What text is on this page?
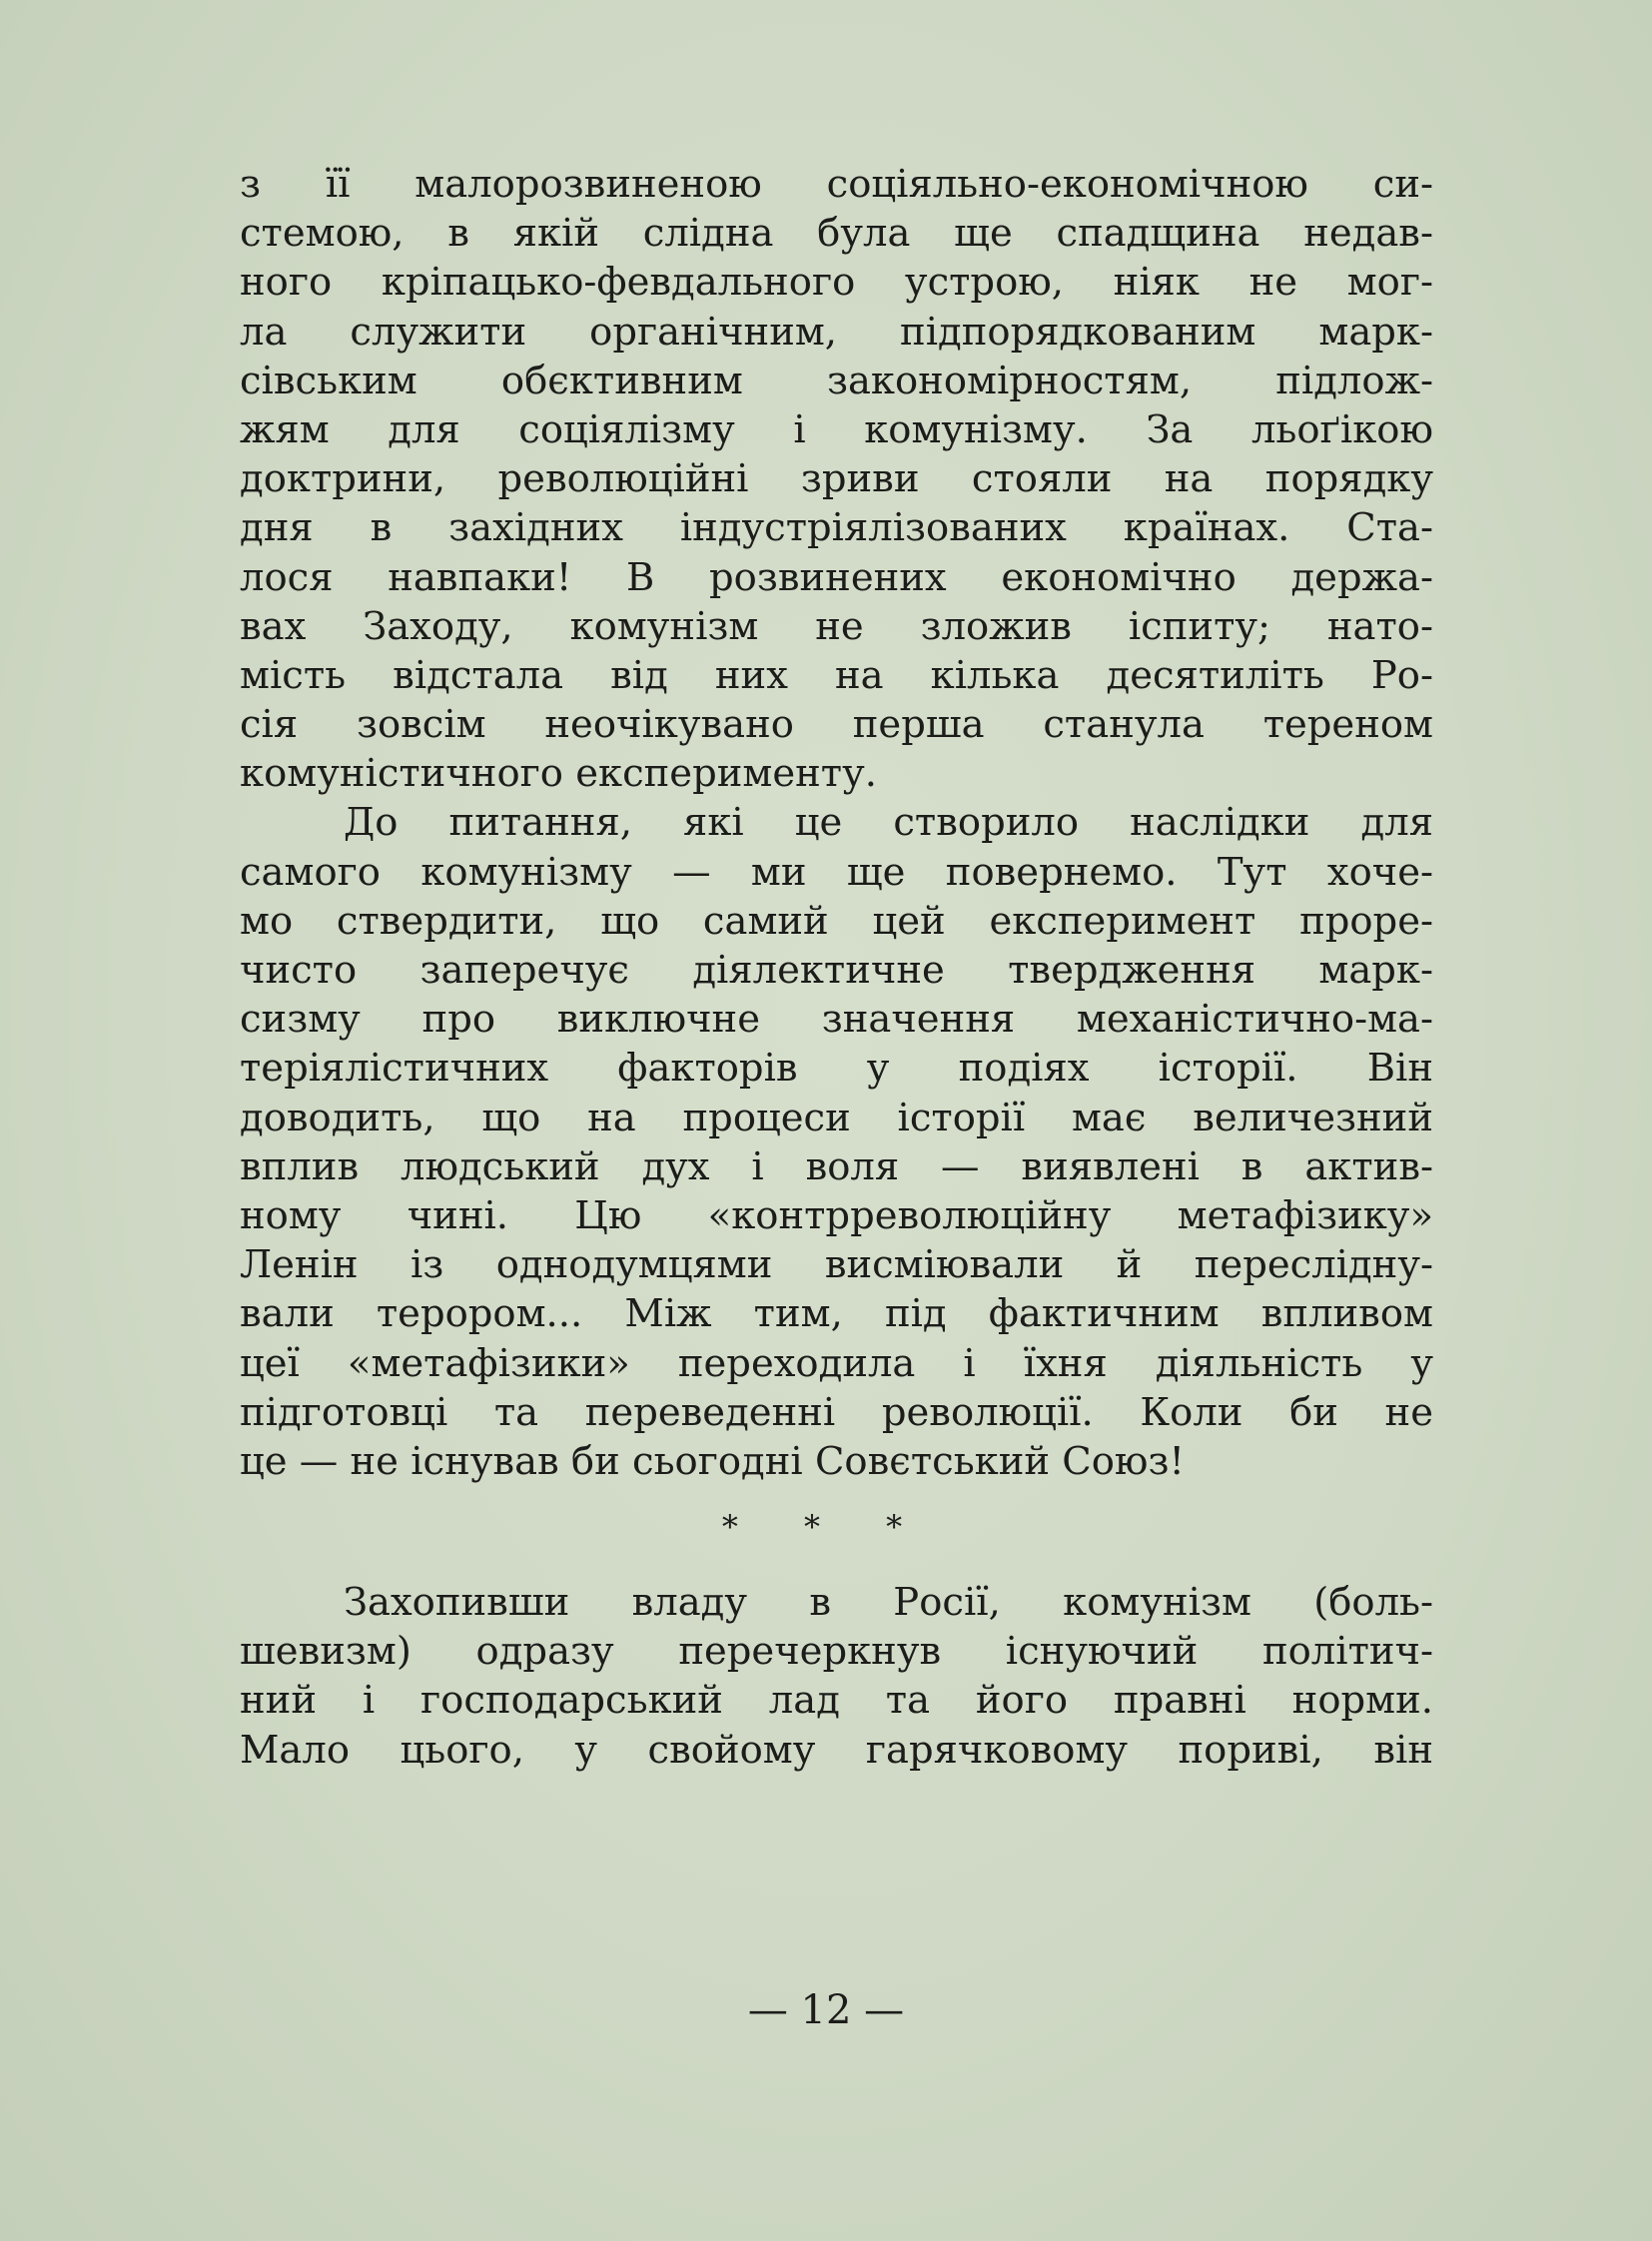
з її малорозвиненою соціяльно-економічною си-
стемою, в якій слідна була ще спадщина недав-
ного кріпацько-февдального устрою, ніяк не мог-
ла служити органічним, підпорядкованим марк-
сівським обєктивним закономірностям, підлож-
жям для соціялізму і комунізму. За льоґікою
доктрини, революційні зриви стояли на порядку
дня в західних індустріялізованих країнах. Ста-
лося навпаки! В розвинених економічно держа-
вах Заходу, комунізм не зложив іспиту; нато-
мість відстала від них на кілька десятиліть Ро-
сія зовсім неочікувано перша станула тереном
комуністичного експерименту.
До питання, які це створило наслідки для
самого комунізму — ми ще повернемо. Тут хоче-
мо ствердити, що самий цей експеримент проре-
чисто заперечує діялектичне твердження марк-
сизму про виключне значення механістично-ма-
теріялістичних факторів у подіях історії. Він
доводить, що на процеси історії має величезний
вплив людський дух і воля — виявлені в актив-
ному чині. Цю «контрреволюційну метафізику»
Ленін із однодумцями висміювали й переслідну-
вали терором... Між тим, під фактичним впливом
цеї «метафізики» переходила і їхня діяльність у
підготовці та переведенні революції. Коли би не
це — не існував би сьогодні Совєтський Союз!
* * *
Захопивши владу в Росії, комунізм (боль-
шевизм) одразу перечеркнув існуючий політич-
ний і господарський лад та його правні норми.
Мало цього, у свойому гарячковому пориві, він
— 12 —
